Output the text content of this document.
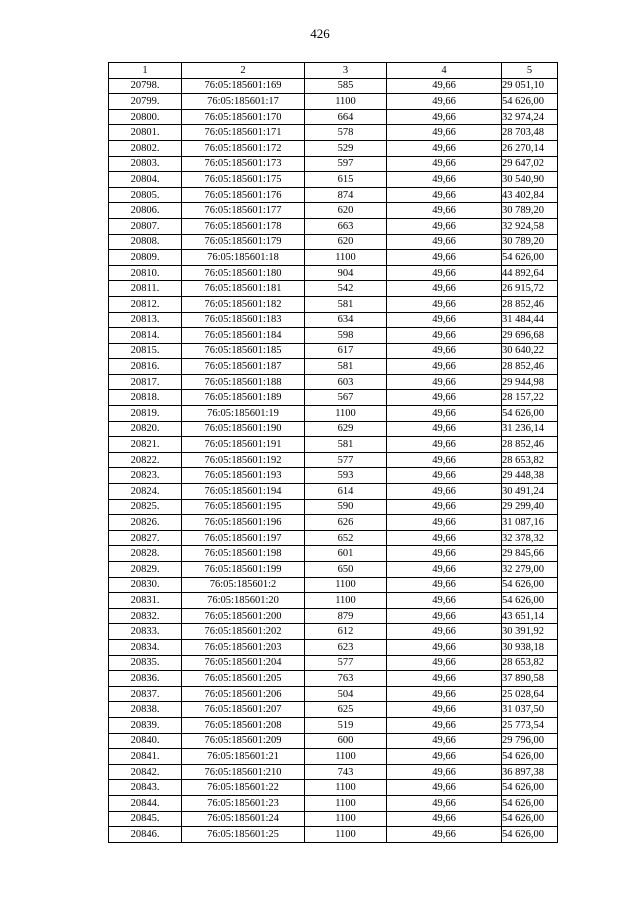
426
1	2	3	4	5
20798.	76:05:185601:169	585	49,66	29 051,10
20799.	76:05:185601:17	1100	49,66	54 626,00
20800.	76:05:185601:170	664	49,66	32 974,24
20801.	76:05:185601:171	578	49,66	28 703,48
20802.	76:05:185601:172	529	49,66	26 270,14
20803.	76:05:185601:173	597	49,66	29 647,02
20804.	76:05:185601:175	615	49,66	30 540,90
20805.	76:05:185601:176	874	49,66	43 402,84
20806.	76:05:185601:177	620	49,66	30 789,20
20807.	76:05:185601:178	663	49,66	32 924,58
20808.	76:05:185601:179	620	49,66	30 789,20
20809.	76:05:185601:18	1100	49,66	54 626,00
20810.	76:05:185601:180	904	49,66	44 892,64
20811.	76:05:185601:181	542	49,66	26 915,72
20812.	76:05:185601:182	581	49,66	28 852,46
20813.	76:05:185601:183	634	49,66	31 484,44
20814.	76:05:185601:184	598	49,66	29 696,68
20815.	76:05:185601:185	617	49,66	30 640,22
20816.	76:05:185601:187	581	49,66	28 852,46
20817.	76:05:185601:188	603	49,66	29 944,98
20818.	76:05:185601:189	567	49,66	28 157,22
20819.	76:05:185601:19	1100	49,66	54 626,00
20820.	76:05:185601:190	629	49,66	31 236,14
20821.	76:05:185601:191	581	49,66	28 852,46
20822.	76:05:185601:192	577	49,66	28 653,82
20823.	76:05:185601:193	593	49,66	29 448,38
20824.	76:05:185601:194	614	49,66	30 491,24
20825.	76:05:185601:195	590	49,66	29 299,40
20826.	76:05:185601:196	626	49,66	31 087,16
20827.	76:05:185601:197	652	49,66	32 378,32
20828.	76:05:185601:198	601	49,66	29 845,66
20829.	76:05:185601:199	650	49,66	32 279,00
20830.	76:05:185601:2	1100	49,66	54 626,00
20831.	76:05:185601:20	1100	49,66	54 626,00
20832.	76:05:185601:200	879	49,66	43 651,14
20833.	76:05:185601:202	612	49,66	30 391,92
20834.	76:05:185601:203	623	49,66	30 938,18
20835.	76:05:185601:204	577	49,66	28 653,82
20836.	76:05:185601:205	763	49,66	37 890,58
20837.	76:05:185601:206	504	49,66	25 028,64
20838.	76:05:185601:207	625	49,66	31 037,50
20839.	76:05:185601:208	519	49,66	25 773,54
20840.	76:05:185601:209	600	49,66	29 796,00
20841.	76:05:185601:21	1100	49,66	54 626,00
20842.	76:05:185601:210	743	49,66	36 897,38
20843.	76:05:185601:22	1100	49,66	54 626,00
20844.	76:05:185601:23	1100	49,66	54 626,00
20845.	76:05:185601:24	1100	49,66	54 626,00
20846.	76:05:185601:25	1100	49,66	54 626,00
